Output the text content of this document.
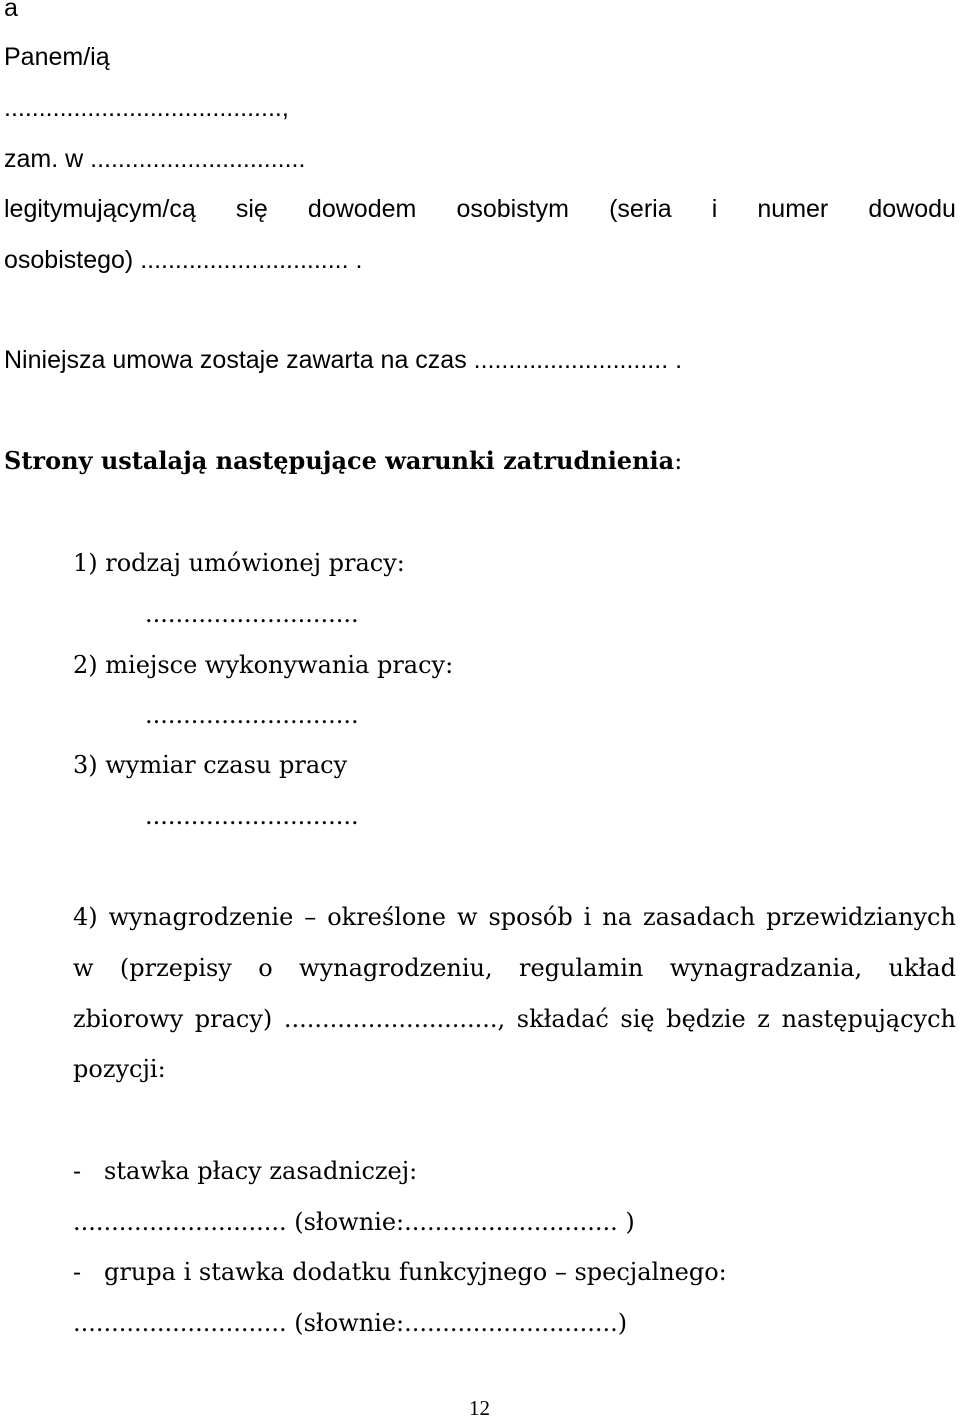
a
Panem/ią
........................................,
zam. w ...............................
legitymującym/cą się dowodem osobistym (seria i numer dowodu
osobistego) .............................. .
Niniejsza umowa zostaje zawarta na czas ............................ .
Strony ustalają następujące warunki zatrudnienia:
1) rodzaj umówionej pracy:
............................
2) miejsce wykonywania pracy:
............................
3) wymiar czasu pracy
............................
4) wynagrodzenie – określone w sposób i na zasadach przewidzianych
w (przepisy o wynagrodzeniu, regulamin wynagradzania, układ
zbiorowy pracy) ............................, składać się będzie z następujących
pozycji:
-   stawka płacy zasadniczej:
............................ (słownie:............................ )
-   grupa i stawka dodatku funkcyjnego – specjalnego:
............................ (słownie:............................)
12
